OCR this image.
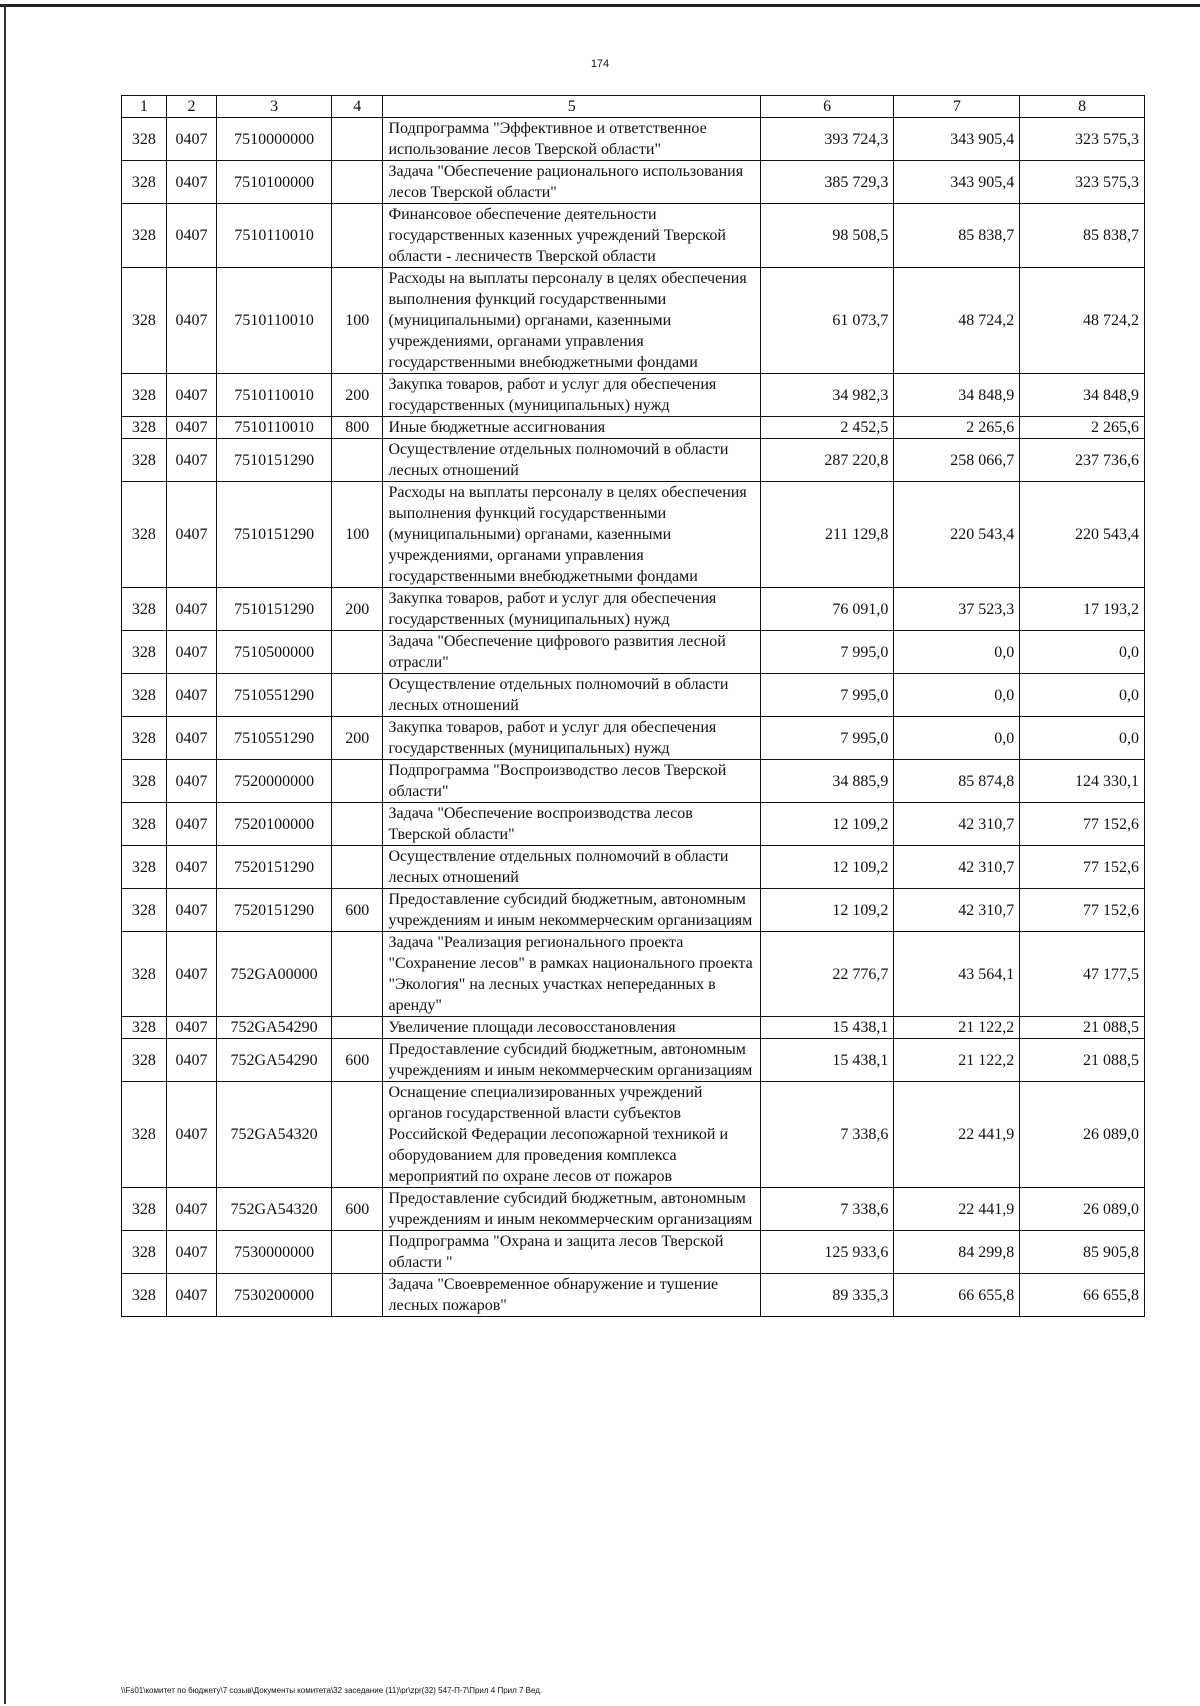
174
1	2	3	4	5	6	7	8
328	0407	7510000000		Подпрограмма "Эффективное и ответственное использование лесов Тверской области"	393 724,3	343 905,4	323 575,3
328	0407	7510100000		Задача "Обеспечение рационального использования лесов Тверской области"	385 729,3	343 905,4	323 575,3
328	0407	7510110010		Финансовое обеспечение деятельности государственных казенных учреждений Тверской области - лесничеств Тверской области	98 508,5	85 838,7	85 838,7
328	0407	7510110010	100	Расходы на выплаты персоналу в целях обеспечения выполнения функций государственными (муниципальными) органами, казенными учреждениями, органами управления государственными внебюджетными фондами	61 073,7	48 724,2	48 724,2
328	0407	7510110010	200	Закупка товаров, работ и услуг для обеспечения государственных (муниципальных) нужд	34 982,3	34 848,9	34 848,9
328	0407	7510110010	800	Иные бюджетные ассигнования	2 452,5	2 265,6	2 265,6
328	0407	7510151290		Осуществление отдельных полномочий в области лесных отношений	287 220,8	258 066,7	237 736,6
328	0407	7510151290	100	Расходы на выплаты персоналу в целях обеспечения выполнения функций государственными (муниципальными) органами, казенными учреждениями, органами управления государственными внебюджетными фондами	211 129,8	220 543,4	220 543,4
328	0407	7510151290	200	Закупка товаров, работ и услуг для обеспечения государственных (муниципальных) нужд	76 091,0	37 523,3	17 193,2
328	0407	7510500000		Задача "Обеспечение цифрового развития лесной отрасли"	7 995,0	0,0	0,0
328	0407	7510551290		Осуществление отдельных полномочий в области лесных отношений	7 995,0	0,0	0,0
328	0407	7510551290	200	Закупка товаров, работ и услуг для обеспечения государственных (муниципальных) нужд	7 995,0	0,0	0,0
328	0407	7520000000		Подпрограмма "Воспроизводство лесов Тверской области"	34 885,9	85 874,8	124 330,1
328	0407	7520100000		Задача "Обеспечение воспроизводства лесов Тверской области"	12 109,2	42 310,7	77 152,6
328	0407	7520151290		Осуществление отдельных полномочий в области лесных отношений	12 109,2	42 310,7	77 152,6
328	0407	7520151290	600	Предоставление субсидий бюджетным, автономным учреждениям и иным некоммерческим организациям	12 109,2	42 310,7	77 152,6
328	0407	752GA00000		Задача "Реализация регионального проекта "Сохранение лесов" в рамках национального проекта "Экология" на лесных участках непереданных в аренду"	22 776,7	43 564,1	47 177,5
328	0407	752GA54290		Увеличение площади лесовосстановления	15 438,1	21 122,2	21 088,5
328	0407	752GA54290	600	Предоставление субсидий бюджетным, автономным учреждениям и иным некоммерческим организациям	15 438,1	21 122,2	21 088,5
328	0407	752GA54320		Оснащение специализированных учреждений органов государственной власти субъектов Российской Федерации лесопожарной техникой и оборудованием для проведения комплекса мероприятий по охране лесов от пожаров	7 338,6	22 441,9	26 089,0
328	0407	752GA54320	600	Предоставление субсидий бюджетным, автономным учреждениям и иным некоммерческим организациям	7 338,6	22 441,9	26 089,0
328	0407	7530000000		Подпрограмма "Охрана и защита лесов Тверской области "	125 933,6	84 299,8	85 905,8
328	0407	7530200000		Задача "Своевременное обнаружение и тушение лесных пожаров"	89 335,3	66 655,8	66 655,8
\\Fs01\комитет по бюджету\7 созыв\Документы комитета\32 заседание (11)\pr\zpr(32) 547-П-7\Прил 4 Прил 7 Вед.
